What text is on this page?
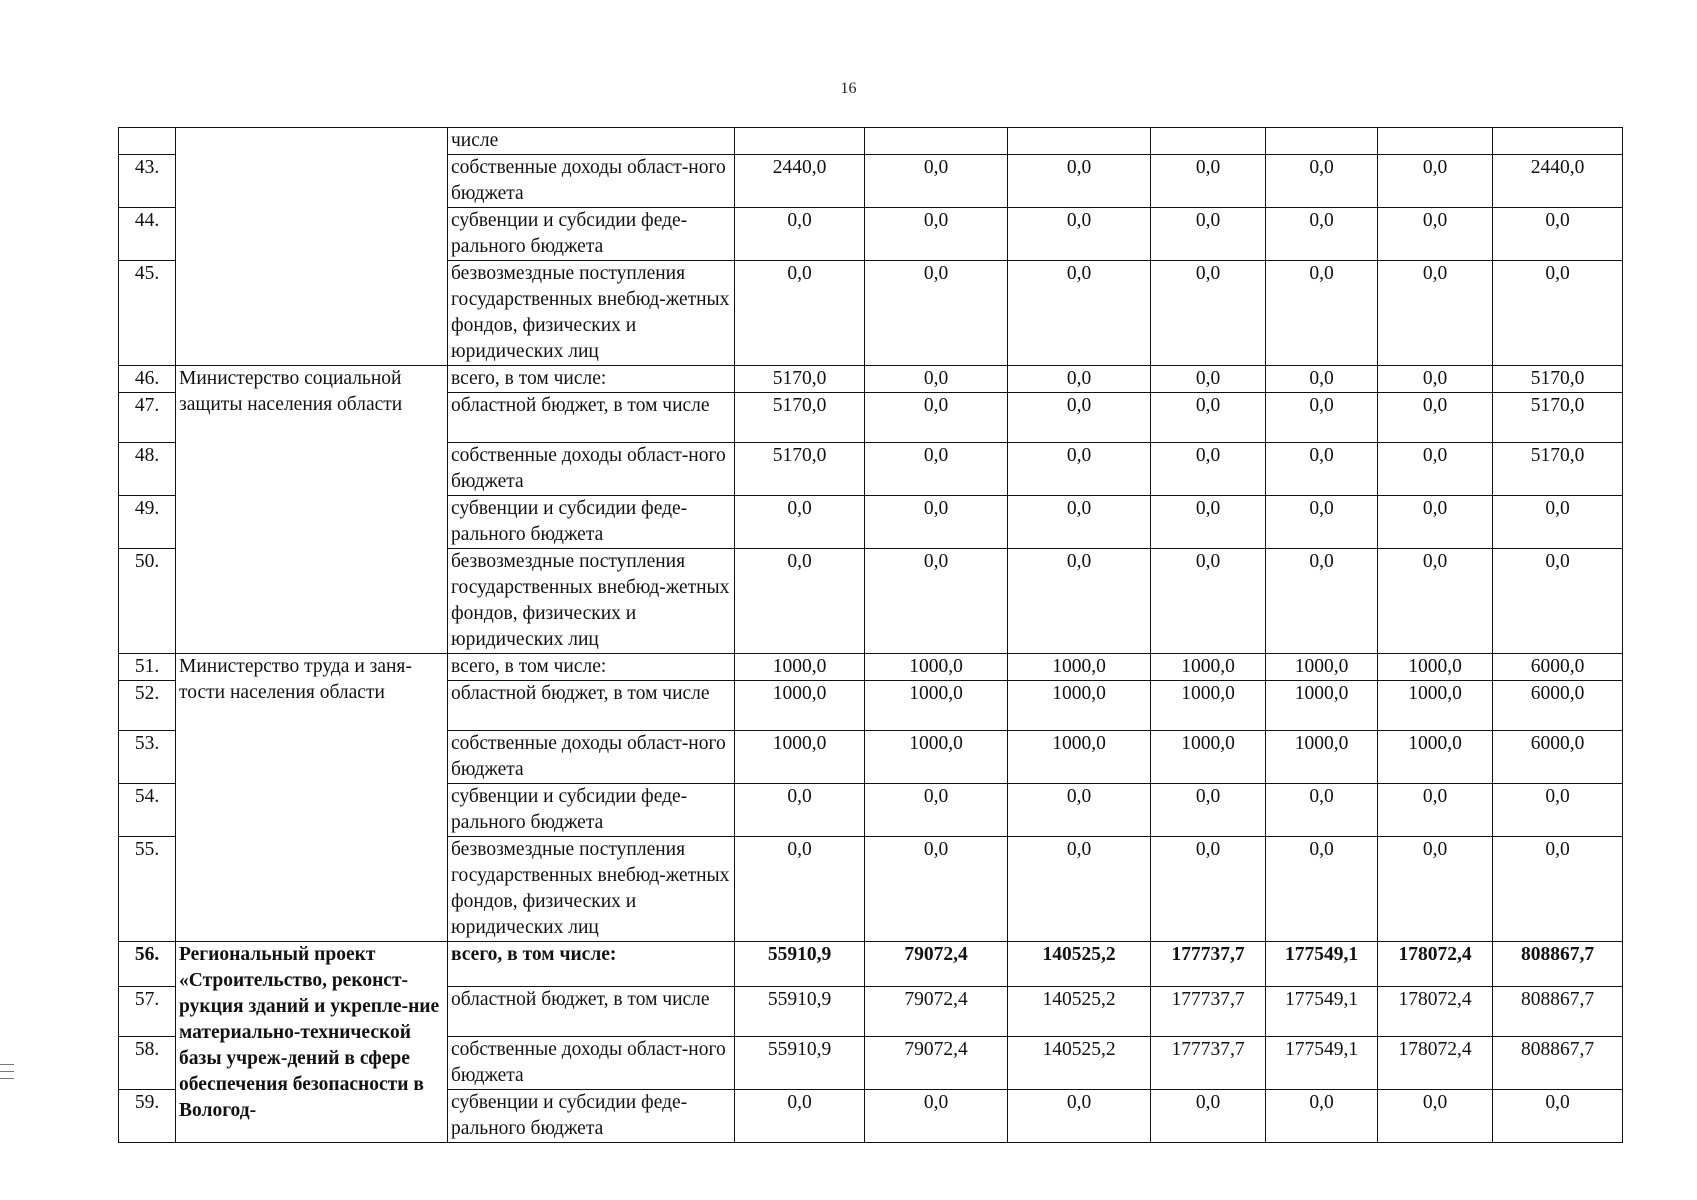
16
		числе							
43.		собственные доходы област-ного бюджета	2440,0	0,0	0,0	0,0	0,0	0,0	2440,0
44.		субвенции и субсидии феде-рального бюджета	0,0	0,0	0,0	0,0	0,0	0,0	0,0
45.		безвозмездные поступления государственных внебюд-жетных фондов, физических и юридических лиц	0,0	0,0	0,0	0,0	0,0	0,0	0,0
46.	Министерство социальной защиты населения области	всего, в том числе:	5170,0	0,0	0,0	0,0	0,0	0,0	5170,0
47.		областной бюджет, в том числе	5170,0	0,0	0,0	0,0	0,0	0,0	5170,0
48.		собственные доходы област-ного бюджета	5170,0	0,0	0,0	0,0	0,0	0,0	5170,0
49.		субвенции и субсидии феде-рального бюджета	0,0	0,0	0,0	0,0	0,0	0,0	0,0
50.		безвозмездные поступления государственных внебюд-жетных фондов, физических и юридических лиц	0,0	0,0	0,0	0,0	0,0	0,0	0,0
51.	Министерство труда и заня-тости населения области	всего, в том числе:	1000,0	1000,0	1000,0	1000,0	1000,0	1000,0	6000,0
52.		областной бюджет, в том числе	1000,0	1000,0	1000,0	1000,0	1000,0	1000,0	6000,0
53.		собственные доходы област-ного бюджета	1000,0	1000,0	1000,0	1000,0	1000,0	1000,0	6000,0
54.		субвенции и субсидии феде-рального бюджета	0,0	0,0	0,0	0,0	0,0	0,0	0,0
55.		безвозмездные поступления государственных внебюд-жетных фондов, физических и юридических лиц	0,0	0,0	0,0	0,0	0,0	0,0	0,0
56.	Региональный проект «Строительство, реконст-рукция зданий и укрепле-ние материально-технической базы учреж-дений в сфере обеспечения безопасности в Вологод-	всего, в том числе:	55910,9	79072,4	140525,2	177737,7	177549,1	178072,4	808867,7
57.		областной бюджет, в том числе	55910,9	79072,4	140525,2	177737,7	177549,1	178072,4	808867,7
58.		собственные доходы област-ного бюджета	55910,9	79072,4	140525,2	177737,7	177549,1	178072,4	808867,7
59.		субвенции и субсидии феде-рального бюджета	0,0	0,0	0,0	0,0	0,0	0,0	0,0
